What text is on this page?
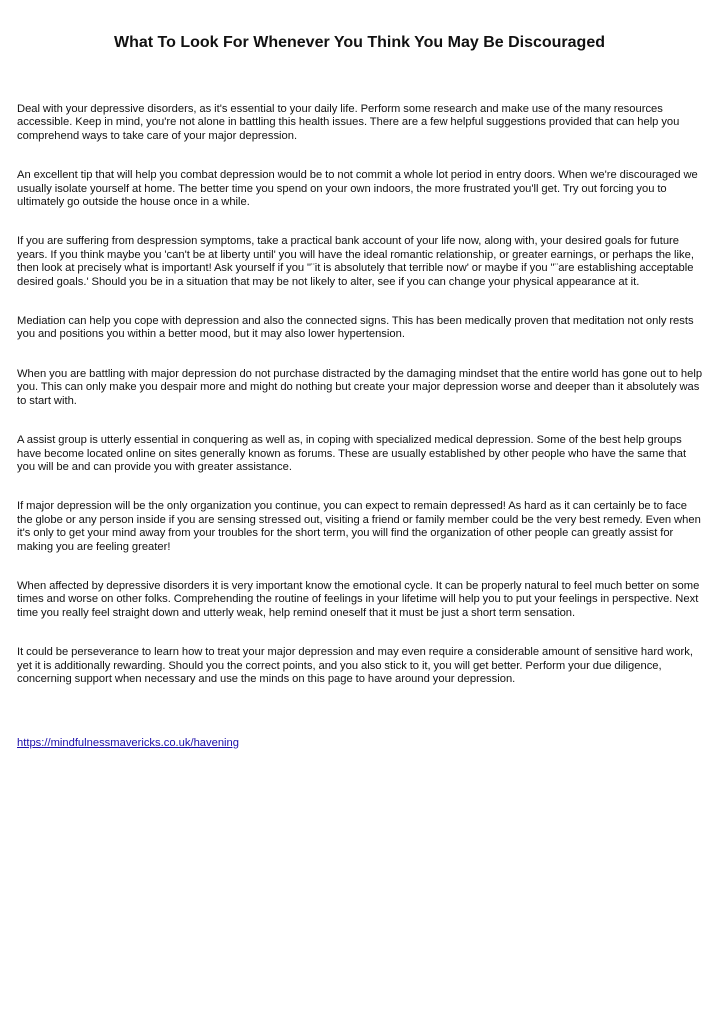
What To Look For Whenever You Think You May Be Discouraged

Deal with your depressive disorders, as it's essential to your daily life. Perform some research and make use of the many resources accessible. Keep in mind, you're not alone in battling this health issues. There are a few helpful suggestions provided that can help you comprehend ways to take care of your major depression.

An excellent tip that will help you combat depression would be to not commit a whole lot period in entry doors. When we're discouraged we usually isolate yourself at home. The better time you spend on your own indoors, the more frustrated you'll get. Try out forcing you to ultimately go outside the house once in a while.

If you are suffering from despression symptoms, take a practical bank account of your life now, along with, your desired goals for future years. If you think maybe you 'can't be at liberty until' you will have the ideal romantic relationship, or greater earnings, or perhaps the like, then look at precisely what is important! Ask yourself if you "¨it is absolutely that terrible now' or maybe if you "¨are establishing acceptable desired goals.' Should you be in a situation that may be not likely to alter, see if you can change your physical appearance at it.

Mediation can help you cope with depression and also the connected signs. This has been medically proven that meditation not only rests you and positions you within a better mood, but it may also lower hypertension.

When you are battling with major depression do not purchase distracted by the damaging mindset that the entire world has gone out to help you. This can only make you despair more and might do nothing but create your major depression worse and deeper than it absolutely was to start with.

A assist group is utterly essential in conquering as well as, in coping with specialized medical depression. Some of the best help groups have become located online on sites generally known as forums. These are usually established by other people who have the same that you will be and can provide you with greater assistance.

If major depression will be the only organization you continue, you can expect to remain depressed! As hard as it can certainly be to face the globe or any person inside if you are sensing stressed out, visiting a friend or family member could be the very best remedy. Even when it's only to get your mind away from your troubles for the short term, you will find the organization of other people can greatly assist for making you are feeling greater!

When affected by depressive disorders it is very important know the emotional cycle. It can be properly natural to feel much better on some times and worse on other folks. Comprehending the routine of feelings in your lifetime will help you to put your feelings in perspective. Next time you really feel straight down and utterly weak, help remind oneself that it must be just a short term sensation.

It could be perseverance to learn how to treat your major depression and may even require a considerable amount of sensitive hard work, yet it is additionally rewarding. Should you the correct points, and you also stick to it, you will get better. Perform your due diligence, concerning support when necessary and use the minds on this page to have around your depression.

https://mindfulnessmavericks.co.uk/havening
